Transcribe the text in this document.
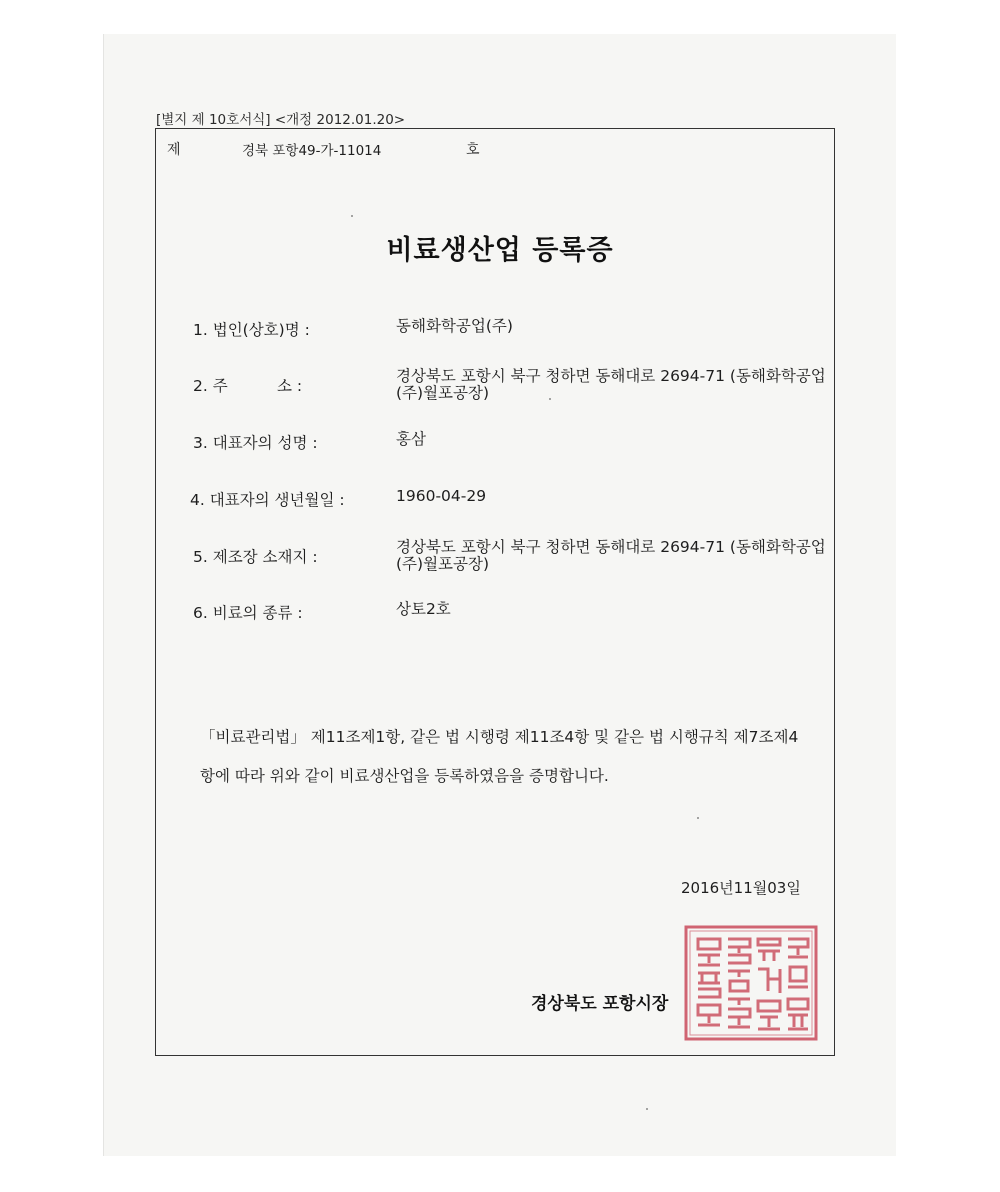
[별지 제 10호서식] <개정 2012.01.20>
제	경북 포항49-가-11014	호
비료생산업 등록증
1. 법인(상호)명 :	동해화학공업(주)
2. 주          소 :
경상북도 포항시 북구 청하면 동해대로 2694-71 (동해화학공업(주)월포공장)
3. 대표자의 성명 :	홍삼
4. 대표자의 생년월일 :	1960-04-29
5. 제조장 소재지 :
경상북도 포항시 북구 청하면 동해대로 2694-71 (동해화학공업(주)월포공장)
6. 비료의 종류 :	상토2호
「비료관리법」 제11조제1항, 같은 법 시행령 제11조4항 및 같은 법 시행규칙 제7조제4항에 따라 위와 같이 비료생산업을 등록하였음을 증명합니다.
2016년11월03일
경상북도 포항시장
